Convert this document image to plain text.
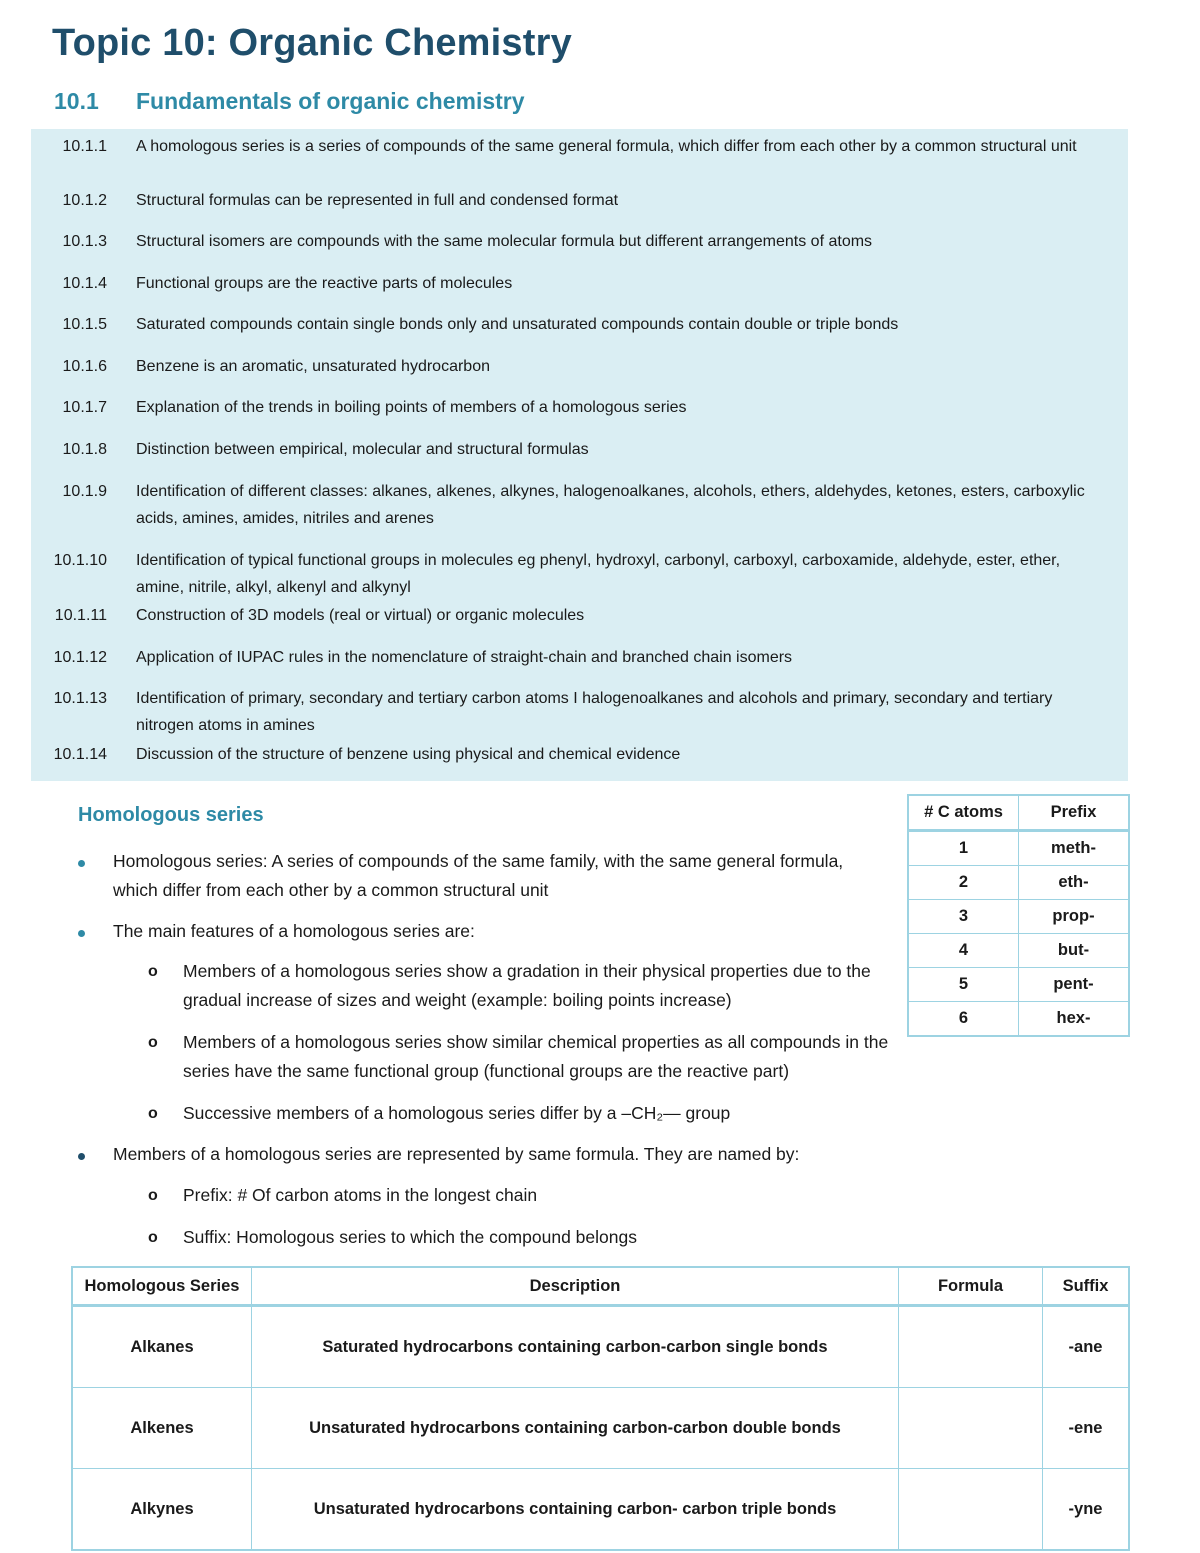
Topic 10: Organic Chemistry
10.1 Fundamentals of organic chemistry
10.1.1 A homologous series is a series of compounds of the same general formula, which differ from each other by a common structural unit
10.1.2 Structural formulas can be represented in full and condensed format
10.1.3 Structural isomers are compounds with the same molecular formula but different arrangements of atoms
10.1.4 Functional groups are the reactive parts of molecules
10.1.5 Saturated compounds contain single bonds only and unsaturated compounds contain double or triple bonds
10.1.6 Benzene is an aromatic, unsaturated hydrocarbon
10.1.7 Explanation of the trends in boiling points of members of a homologous series
10.1.8 Distinction between empirical, molecular and structural formulas
10.1.9 Identification of different classes: alkanes, alkenes, alkynes, halogenoalkanes, alcohols, ethers, aldehydes, ketones, esters, carboxylic acids, amines, amides, nitriles and arenes
10.1.10 Identification of typical functional groups in molecules eg phenyl, hydroxyl, carbonyl, carboxyl, carboxamide, aldehyde, ester, ether, amine, nitrile, alkyl, alkenyl and alkynyl
10.1.11 Construction of 3D models (real or virtual) or organic molecules
10.1.12 Application of IUPAC rules in the nomenclature of straight-chain and branched chain isomers
10.1.13 Identification of primary, secondary and tertiary carbon atoms I halogenoalkanes and alcohols and primary, secondary and tertiary nitrogen atoms in amines
10.1.14 Discussion of the structure of benzene using physical and chemical evidence
Homologous series
Homologous series: A series of compounds of the same family, with the same general formula, which differ from each other by a common structural unit
The main features of a homologous series are:
o Members of a homologous series show a gradation in their physical properties due to the gradual increase of sizes and weight (example: boiling points increase)
o Members of a homologous series show similar chemical properties as all compounds in the series have the same functional group (functional groups are the reactive part)
o Successive members of a homologous series differ by a –CH₂— group
Members of a homologous series are represented by same formula. They are named by:
o Prefix: # Of carbon atoms in the longest chain
o Suffix: Homologous series to which the compound belongs
# C atoms	Prefix
1	meth-
2	eth-
3	prop-
4	but-
5	pent-
6	hex-
Homologous Series	Description	Formula	Suffix
Alkanes	Saturated hydrocarbons containing carbon-carbon single bonds		-ane
Alkenes	Unsaturated hydrocarbons containing carbon-carbon double bonds		-ene
Alkynes	Unsaturated hydrocarbons containing carbon- carbon triple bonds		-yne
